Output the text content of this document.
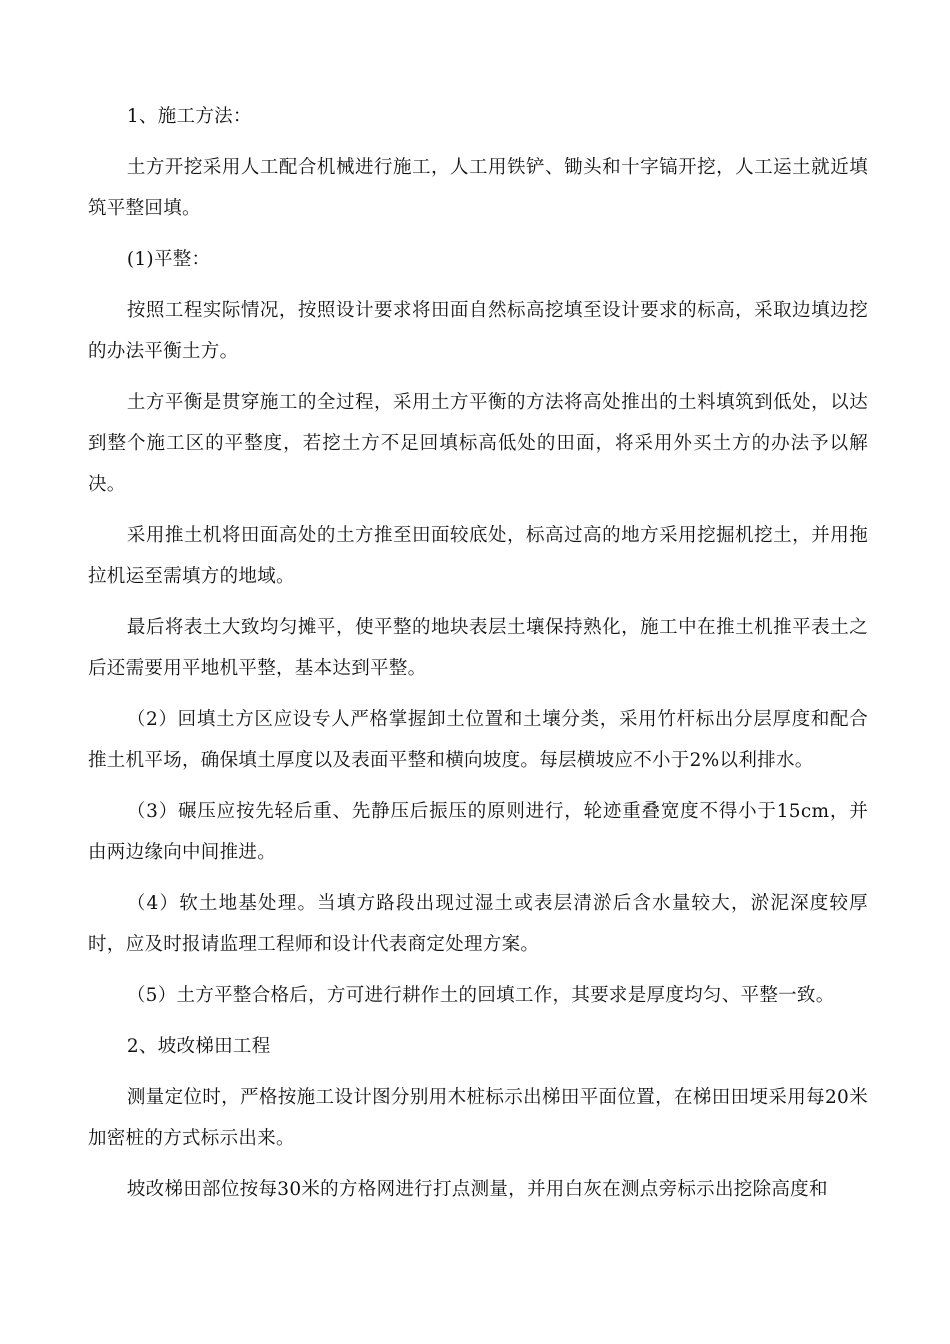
1、施工方法：

土方开挖采用人工配合机械进行施工，人工用铁铲、锄头和十字镐开挖，人工运土就近填筑平整回填。

(1)平整：

按照工程实际情况，按照设计要求将田面自然标高挖填至设计要求的标高，采取边填边挖的办法平衡土方。

土方平衡是贯穿施工的全过程，采用土方平衡的方法将高处推出的土料填筑到低处，以达到整个施工区的平整度，若挖土方不足回填标高低处的田面，将采用外买土方的办法予以解决。

采用推土机将田面高处的土方推至田面较底处，标高过高的地方采用挖掘机挖土，并用拖拉机运至需填方的地域。

最后将表土大致均匀摊平，使平整的地块表层土壤保持熟化，施工中在推土机推平表土之后还需要用平地机平整，基本达到平整。

（2）回填土方区应设专人严格掌握卸土位置和土壤分类，采用竹杆标出分层厚度和配合推土机平场，确保填土厚度以及表面平整和横向坡度。每层横坡应不小于2%以利排水。

（3）碾压应按先轻后重、先静压后振压的原则进行，轮迹重叠宽度不得小于15cm，并由两边缘向中间推进。

（4）软土地基处理。当填方路段出现过湿土或表层清淤后含水量较大，淤泥深度较厚时，应及时报请监理工程师和设计代表商定处理方案。

（5）土方平整合格后，方可进行耕作土的回填工作，其要求是厚度均匀、平整一致。

2、坡改梯田工程

测量定位时，严格按施工设计图分别用木桩标示出梯田平面位置，在梯田田埂采用每20米加密桩的方式标示出来。

坡改梯田部位按每30米的方格网进行打点测量，并用白灰在测点旁标示出挖除高度和
